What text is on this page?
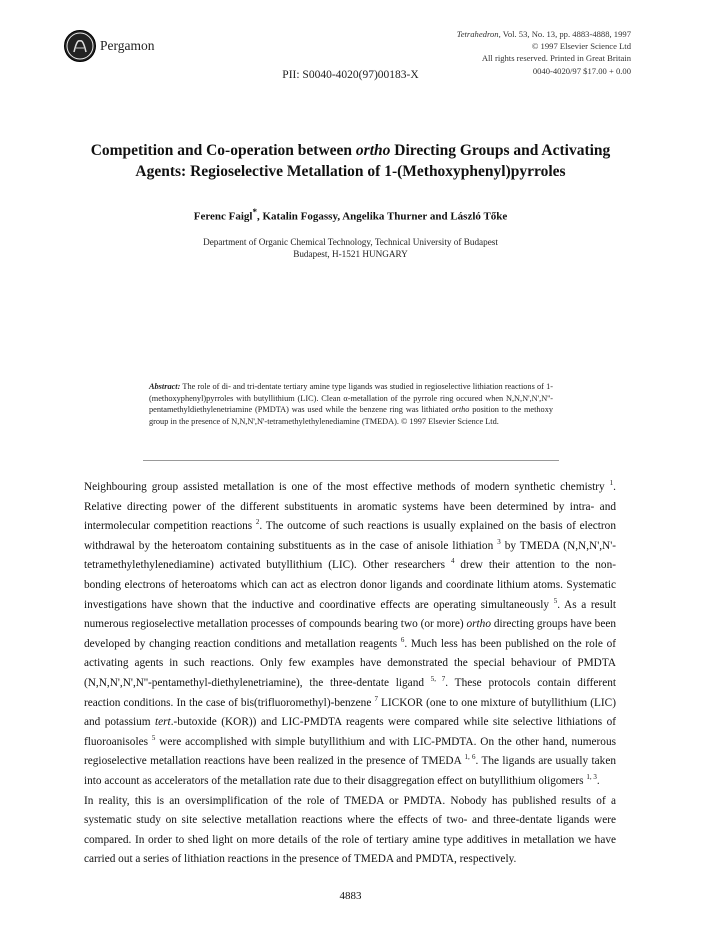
Pergamon
Tetrahedron, Vol. 53, No. 13, pp. 4883-4888, 1997
© 1997 Elsevier Science Ltd
All rights reserved. Printed in Great Britain
0040-4020/97 $17.00 + 0.00
PII: S0040-4020(97)00183-X
Competition and Co-operation between ortho Directing Groups and Activating Agents: Regioselective Metallation of 1-(Methoxyphenyl)pyrroles
Ferenc Faigl*, Katalin Fogassy, Angelika Thurner and László Tőke
Department of Organic Chemical Technology, Technical University of Budapest
Budapest, H-1521 HUNGARY
Abstract: The role of di- and tri-dentate tertiary amine type ligands was studied in regioselective lithiation reactions of 1-(methoxyphenyl)pyrroles with butyllithium (LIC). Clean α-metallation of the pyrrole ring occured when N,N,N',N',N''-pentamethyldiethylenetriamine (PMDTA) was used while the benzene ring was lithiated ortho position to the methoxy group in the presence of N,N,N',N'-tetramethylethylenediamine (TMEDA). © 1997 Elsevier Science Ltd.

Neighbouring group assisted metallation is one of the most effective methods of modern synthetic chemistry $^1$. Relative directing power of the different substituents in aromatic systems have been determined by intra- and intermolecular competition reactions $^2$. The outcome of such reactions is usually explained on the basis of electron withdrawal by the heteroatom containing substituents as in the case of anisole lithiation $^3$ by TMEDA (N,N,N',N'-tetramethylethylenediamine) activated butyllithium (LIC). Other researchers $^4$ drew their attention to the non-bonding electrons of heteroatoms which can act as electron donor ligands and coordinate lithium atoms. Systematic investigations have shown that the inductive and coordinative effects are operating simultaneously $^5$. As a result numerous regioselective metallation processes of compounds bearing two (or more) ortho directing groups have been developed by changing reaction conditions and metallation reagents $^6$. Much less has been published on the role of activating agents in such reactions. Only few examples have demonstrated the special behaviour of PMDTA (N,N,N',N',N''-pentamethyl-diethylenetriamine), the three-dentate ligand $^{5, 7}$. These protocols contain different reaction conditions. In the case of bis(trifluoromethyl)-benzene $^7$ LICKOR (one to one mixture of butyllithium (LIC) and potassium tert.-butoxide (KOR)) and LIC-PMDTA reagents were compared while site selective lithiations of fluoroanisoles $^5$ were accomplished with simple butyllithium and with LIC-PMDTA. On the other hand, numerous regioselective metallation reactions have been realized in the presence of TMEDA $^{1, 6}$. The ligands are usually taken into account as accelerators of the metallation rate due to their disaggregation effect on butyllithium oligomers $^{1, 3}$.

In reality, this is an oversimplification of the role of TMEDA or PMDTA. Nobody has published results of a systematic study on site selective metallation reactions where the effects of two- and three-dentate ligands were compared. In order to shed light on more details of the role of tertiary amine type additives in metallation we have carried out a series of lithiation reactions in the presence of TMEDA and PMDTA, respectively.

4883
